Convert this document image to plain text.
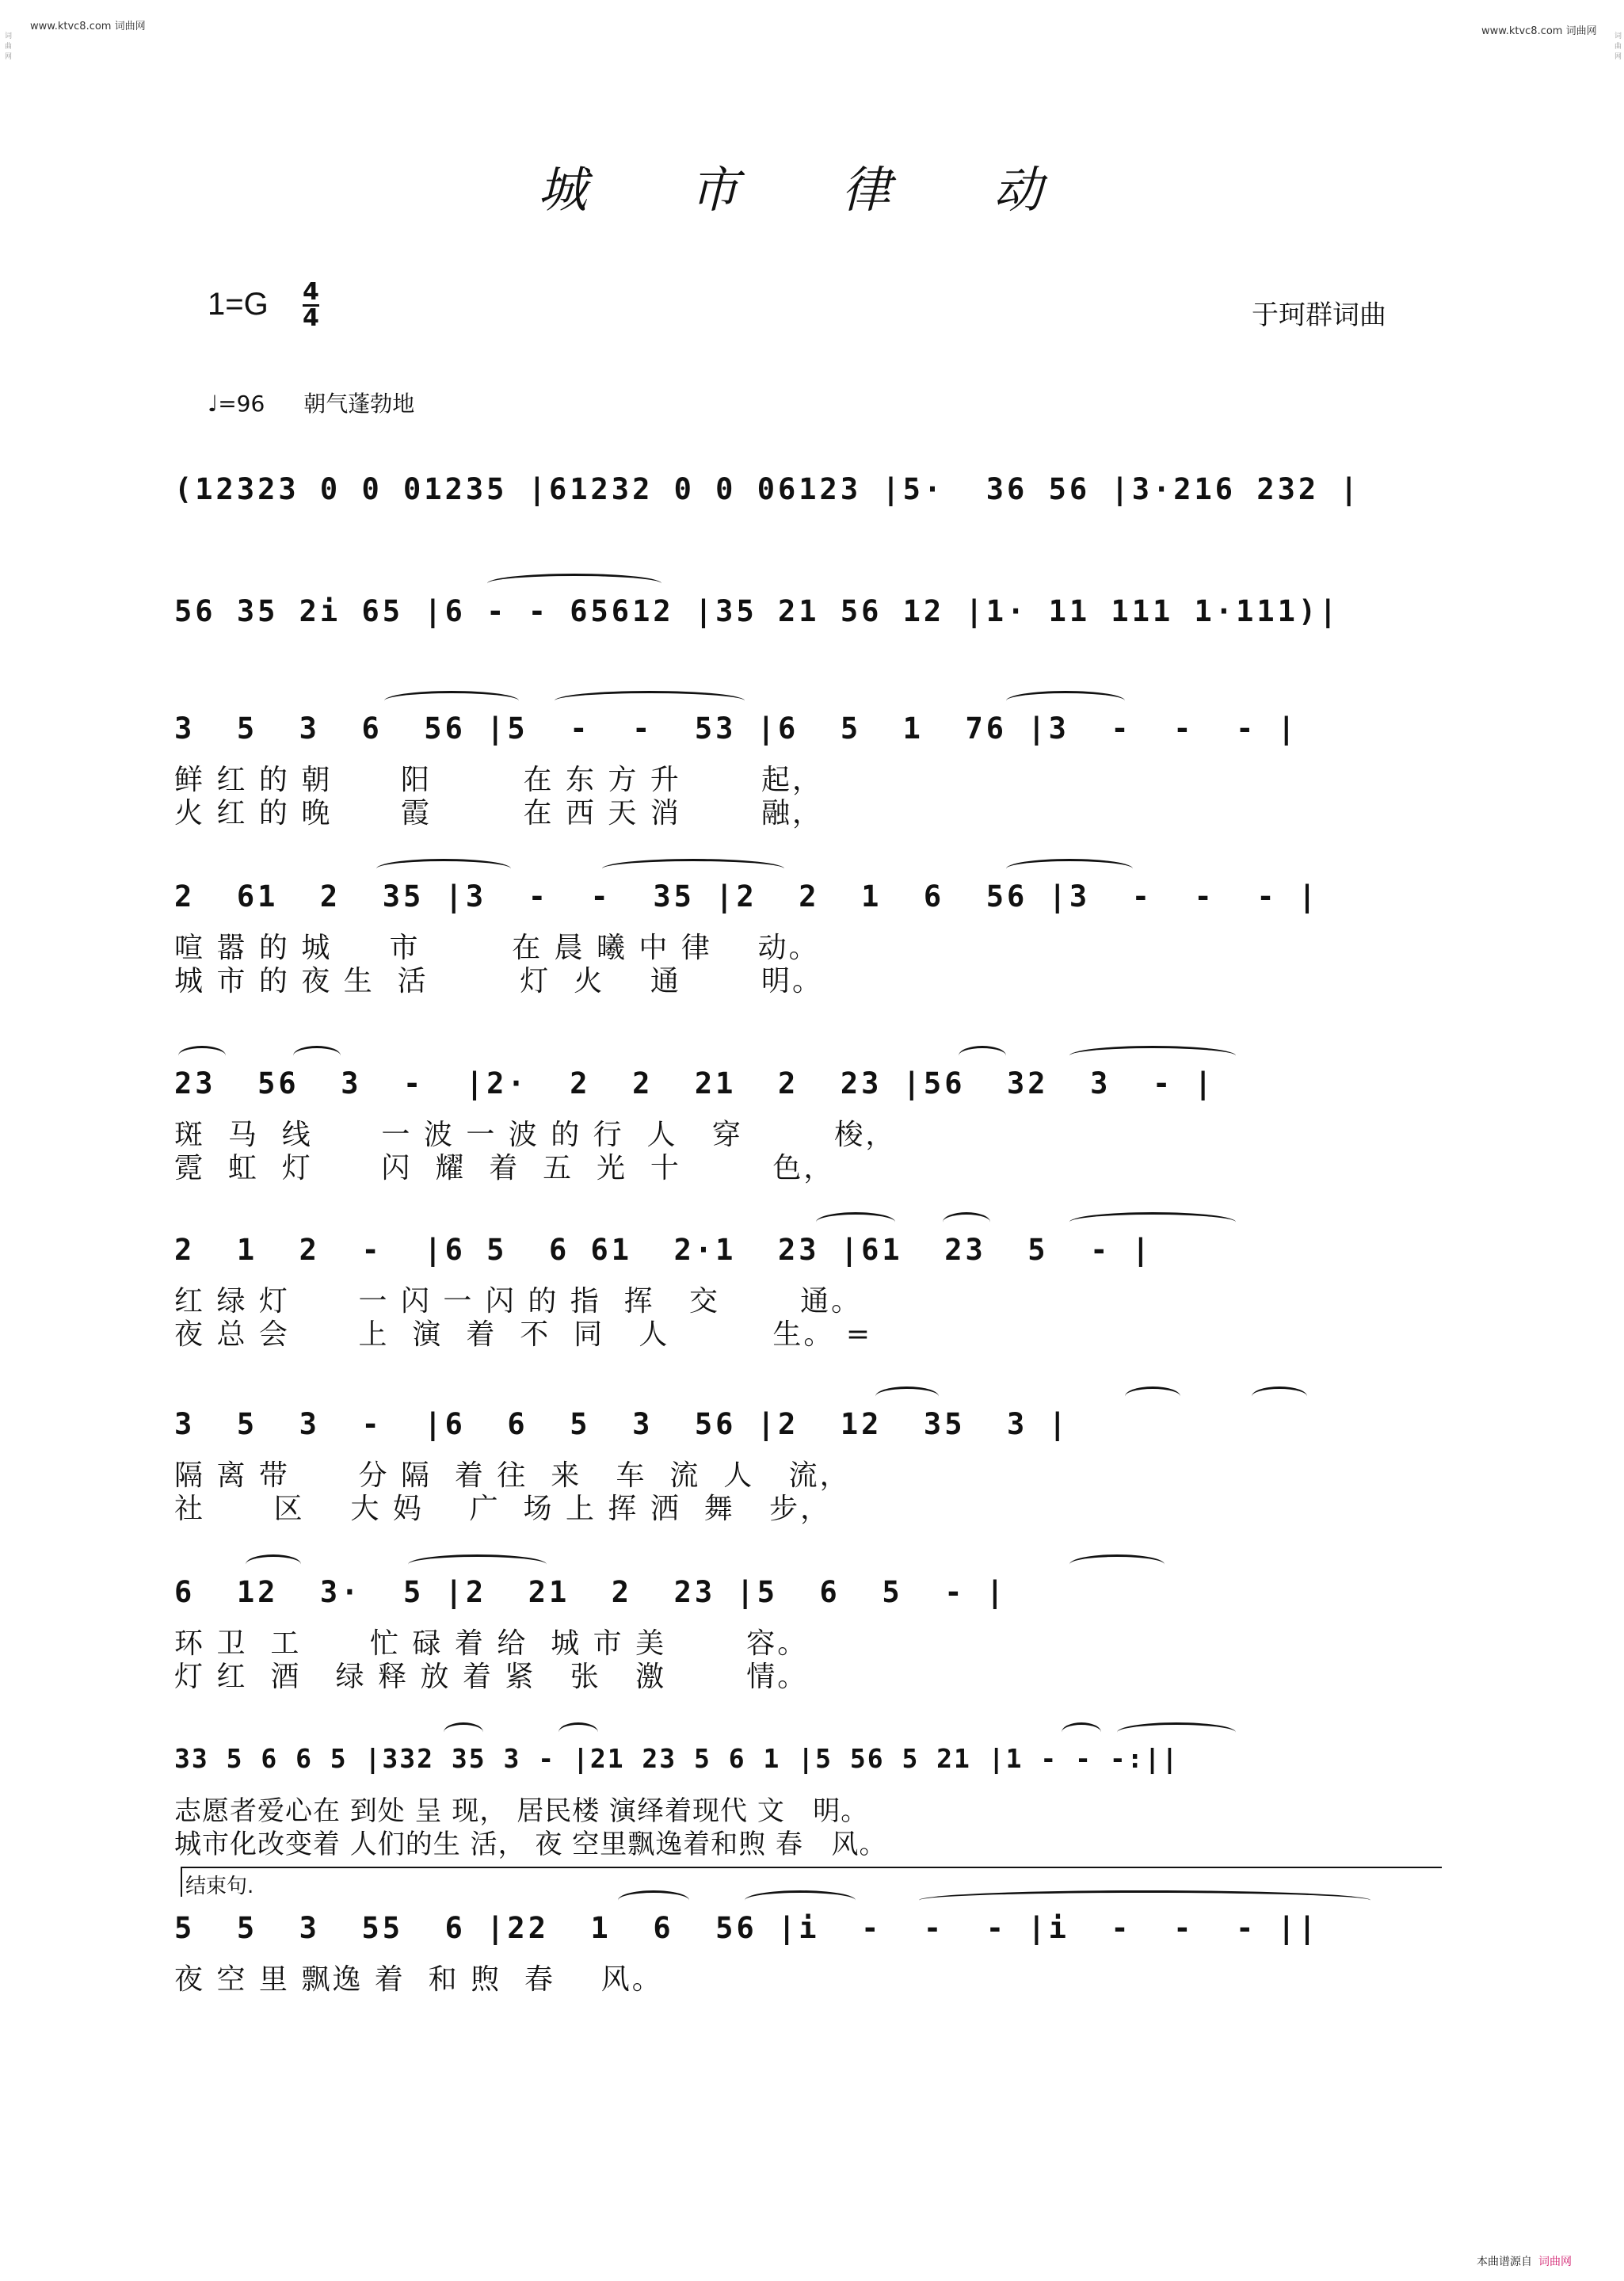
www.ktvc8.com 词曲网	www.ktvc8.com 词曲网
词曲网	词曲网
城 市 律 动
$1=G \frac{4}{4}$	于珂群词曲
♩=96 朝气蓬勃地
(12323 0 0 01235 |61232 0 0 06123 |5·  36 56 |3·216 232 |
56 35 2i 65 |6 - - 65612 |35 21 56 12 |1· 11 111 1·111)|
3  5  3  6  56 |5  -  -  53 |6  5  1  76 |3  -  -  - |
鲜 红 的 朝      阳        在 东 方 升       起，
火 红 的 晚      霞        在 西 天 消       融，
2  61  2  35 |3  -  -  35 |2  2  1  6  56 |3  -  -  - |
喧 嚣 的 城     市        在 晨 曦 中 律    动。
城 市 的 夜 生  活        灯  火    通       明。
23  56  3  -  |2·  2  2  21  2  23 |56  32  3  - |
斑  马  线      一 波 一 波 的 行  人   穿        梭，
霓  虹  灯      闪  耀  着  五  光  十        色，
2  1  2  -  |6 5  6 61  2·1  23 |61  23  5  - |
红 绿 灯      一 闪 一 闪 的 指  挥   交       通。
夜 总 会      上  演  着  不  同   人         生。 =
3  5  3  -  |6  6  5  3  56 |2  12  35  3 |
隔 离 带      分 隔  着 往  来   车  流  人   流，
社      区    大 妈    广  场 上 挥 洒  舞   步，
6  12  3·  5 |2  21  2  23 |5  6  5  - |
环 卫  工      忙 碌 着 给  城 市 美       容。
灯 红  酒   绿 释 放 着 紧   张   激       情。
33 5 6 6 5 |332 35 3 - |21 23 5 6 1 |5 56 5 21 |1 - - -:||
志愿者爱心在 到处 呈 现， 居民楼 演绎着现代 文   明。
城市化改变着 人们的生 活， 夜 空里飘逸着和煦 春   风。
结束句.
5  5  3  55  6 |22  1  6  56 |i  -  -  - |i  -  -  - ||
夜 空 里 飘逸 着  和 煦  春    风。
本曲谱源自 词曲网
